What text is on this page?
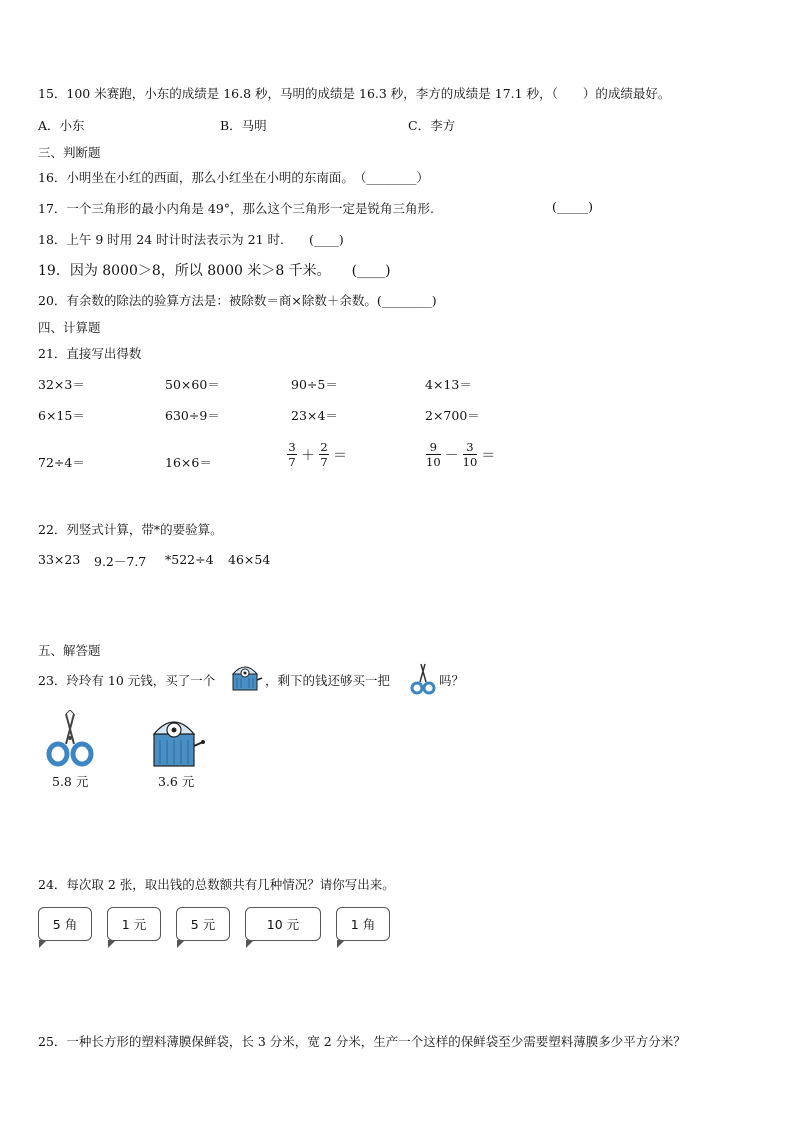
15．100 米赛跑，小东的成绩是 16.8 秒，马明的成绩是 16.3 秒，李方的成绩是 17.1 秒，（　　）的成绩最好。
A．小东	B．马明	C．李方
三、判断题
16．小明坐在小红的西面，那么小红坐在小明的东南面。　（________）
17．一个三角形的最小内角是 49°，那么这个三角形一定是锐角三角形.	(_____)
18．上午 9 时用 24 时计时法表示为 21 时.　　(____)
19．因为 8000＞8，所以 8000 米＞8 千米。　　(____)
20．有余数的除法的验算方法是：被除数＝商×除数＋余数。(________)
四、计算题
21．直接写出得数
32×3＝	50×60＝	90÷5＝	4×13＝
6×15＝	630÷9＝	23×4＝	2×700＝
72÷4＝	16×6＝	$\frac{3}{7} + \frac{2}{7}$ ＝	$\frac{9}{10} - \frac{3}{10}$ ＝
22．列竖式计算，带*的要验算。
33×23 9.2－7.7 *522÷4 46×54
五、解答题
23．玲玲有 10 元钱，买了一个	，剩下的钱还够买一把	吗？
5.8 元	3.6 元
24．每次取 2 张，取出钱的总数额共有几种情况？请你写出来。
5 角	1 元	5 元	10 元	1 角
25．一种长方形的塑料薄膜保鲜袋，长 3 分米，宽 2 分米，生产一个这样的保鲜袋至少需要塑料薄膜多少平方分米？
